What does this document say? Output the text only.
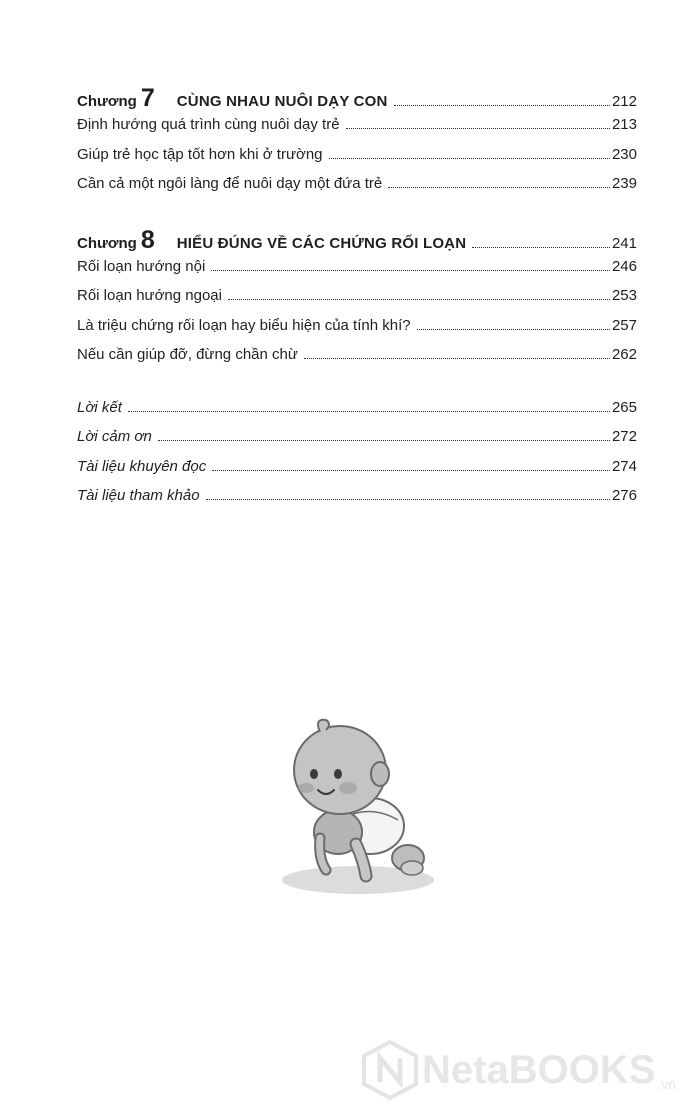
Chương 7 CÙNG NHAU NUÔI DẠY CON	212
Định hướng quá trình cùng nuôi dạy trẻ	213
Giúp trẻ học tập tốt hơn khi ở trường	230
Cần cả một ngôi làng để nuôi dạy một đứa trẻ	239
Chương 8 HIỂU ĐÚNG VỀ CÁC CHỨNG RỐI LOẠN	241
Rối loạn hướng nội	246
Rối loạn hướng ngoại	253
Là triệu chứng rối loạn hay biểu hiện của tính khí?	257
Nếu cần giúp đỡ, đừng chần chừ	262
Lời kết	265
Lời cảm ơn	272
Tài liệu khuyên đọc	274
Tài liệu tham khảo	276
NetaBOOKS .vn
